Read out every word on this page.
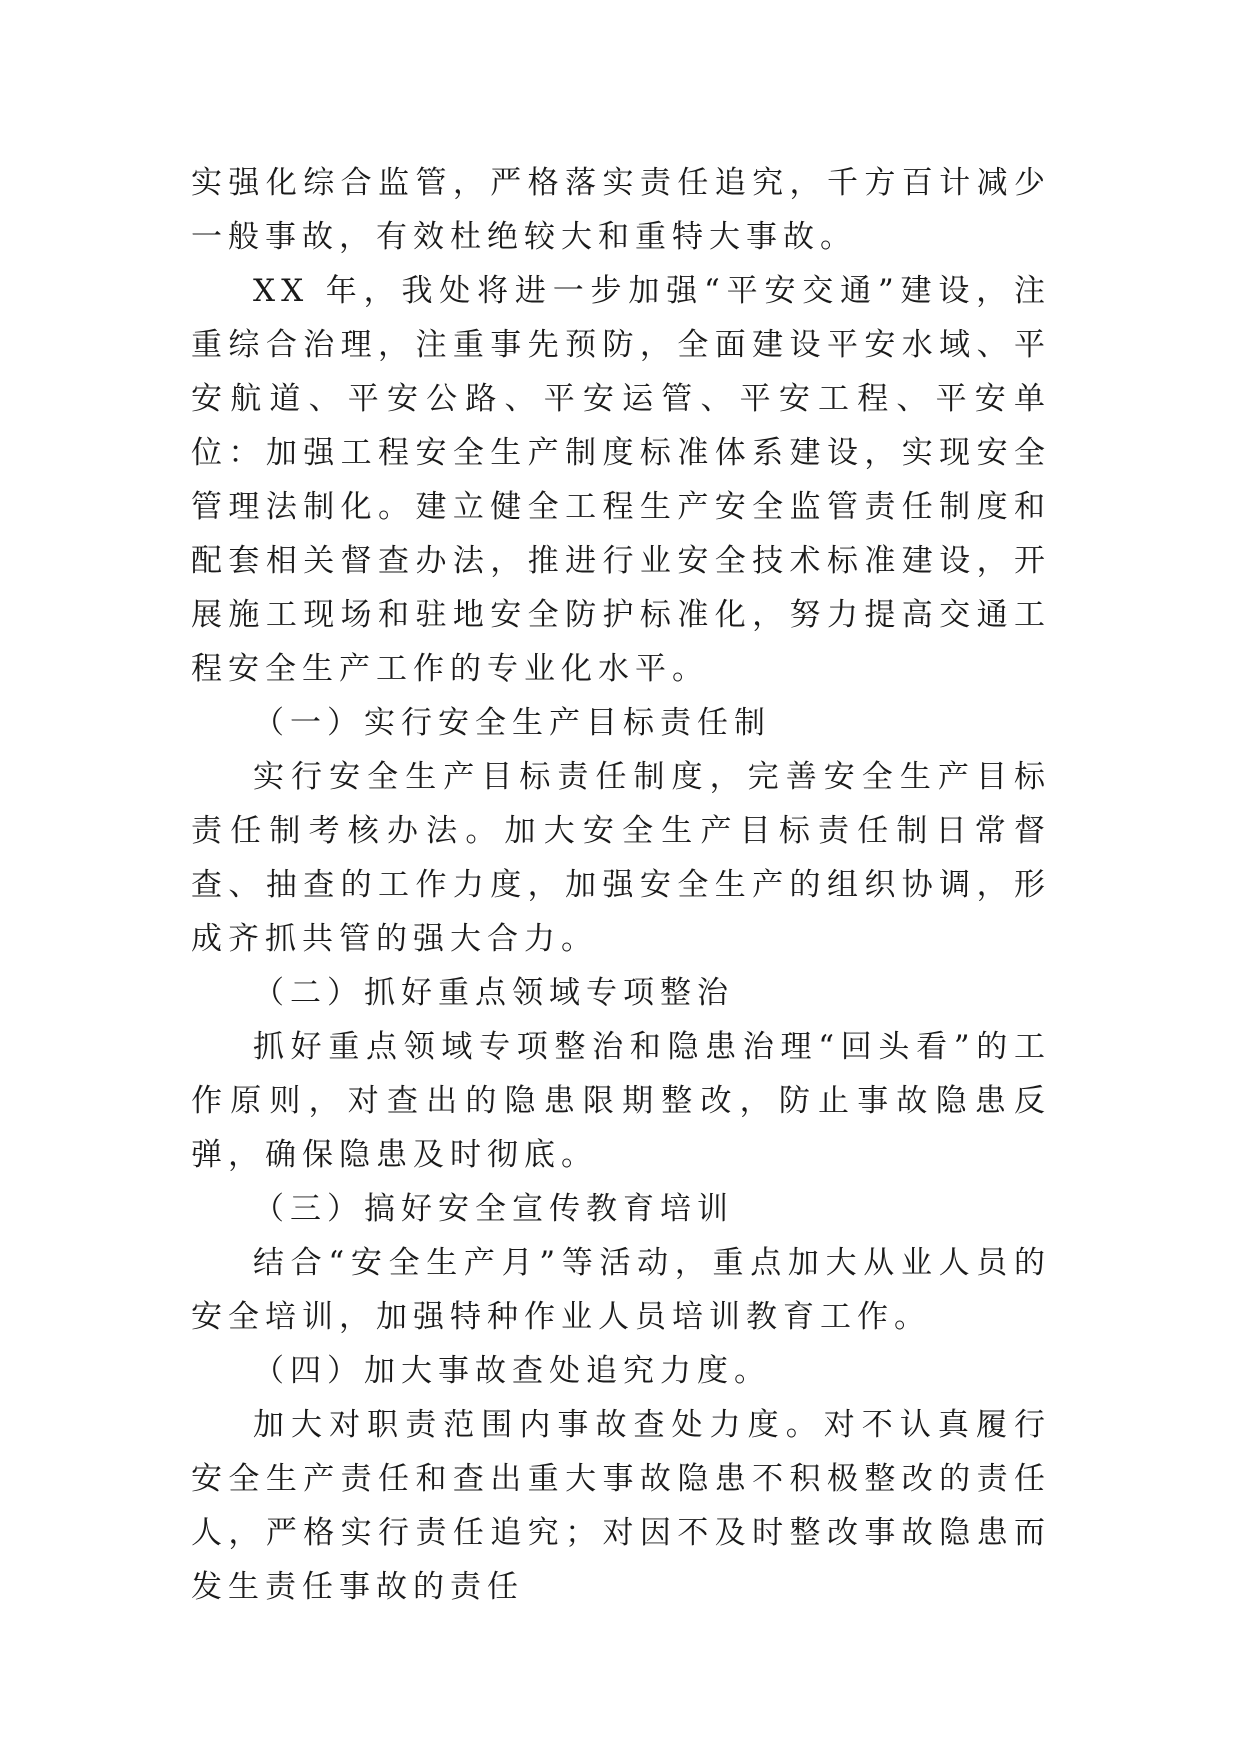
实强化综合监管，严格落实责任追究，千方百计减少一般事故，有效杜绝较大和重特大事故。

XX 年，我处将进一步加强“平安交通”建设，注重综合治理，注重事先预防，全面建设平安水域、平安航道、平安公路、平安运管、平安工程、平安单位：加强工程安全生产制度标准体系建设，实现安全管理法制化。建立健全工程生产安全监管责任制度和配套相关督查办法，推进行业安全技术标准建设，开展施工现场和驻地安全防护标准化，努力提高交通工程安全生产工作的专业化水平。

（一）实行安全生产目标责任制

实行安全生产目标责任制度，完善安全生产目标责任制考核办法。加大安全生产目标责任制日常督查、抽查的工作力度，加强安全生产的组织协调，形成齐抓共管的强大合力。

（二）抓好重点领域专项整治

抓好重点领域专项整治和隐患治理“回头看”的工作原则，对查出的隐患限期整改，防止事故隐患反弹，确保隐患及时彻底。

（三）搞好安全宣传教育培训

结合“安全生产月”等活动，重点加大从业人员的安全培训，加强特种作业人员培训教育工作。

（四）加大事故查处追究力度。

加大对职责范围内事故查处力度。对不认真履行安全生产责任和查出重大事故隐患不积极整改的责任人，严格实行责任追究；对因不及时整改事故隐患而发生责任事故的责任
